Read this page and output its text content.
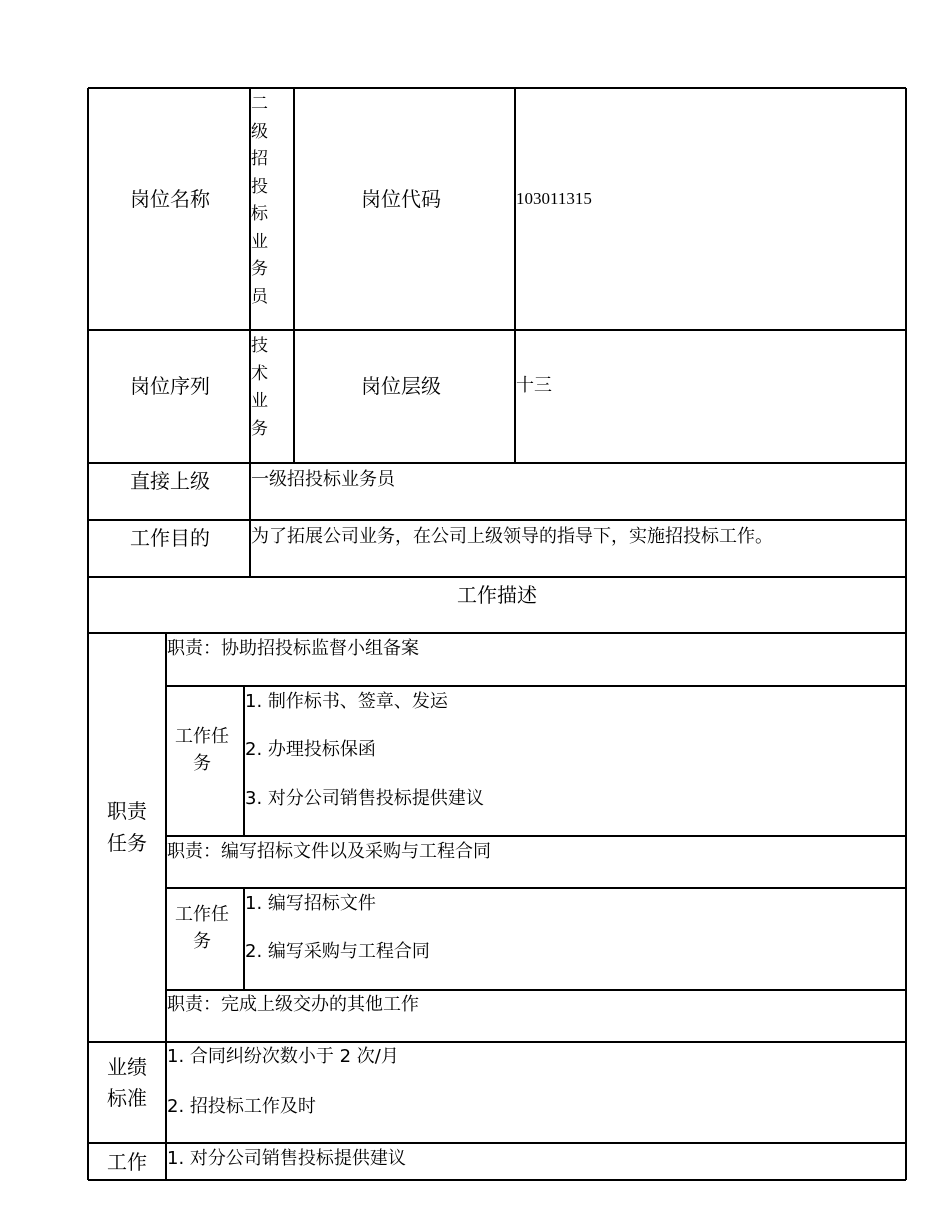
岗位名称
二
级
招
投
标
业
务
员
岗位代码	103011315
岗位序列
技
术
业
务
岗位层级	十三
直接上级 一级招投标业务员
工作目的 为了拓展公司业务，在公司上级领导的指导下，实施招投标工作。
工作描述
职责
任务
职责：协助招投标监督小组备案
工作任
务
1. 制作标书、签章、发运
2. 办理投标保函
3. 对分公司销售投标提供建议
职责：编写招标文件以及采购与工程合同
工作任
务
1. 编写招标文件
2. 编写采购与工程合同
职责：完成上级交办的其他工作
业绩
标准
1. 合同纠纷次数小于 2 次/月
2. 招投标工作及时
工作 1. 对分公司销售投标提供建议
